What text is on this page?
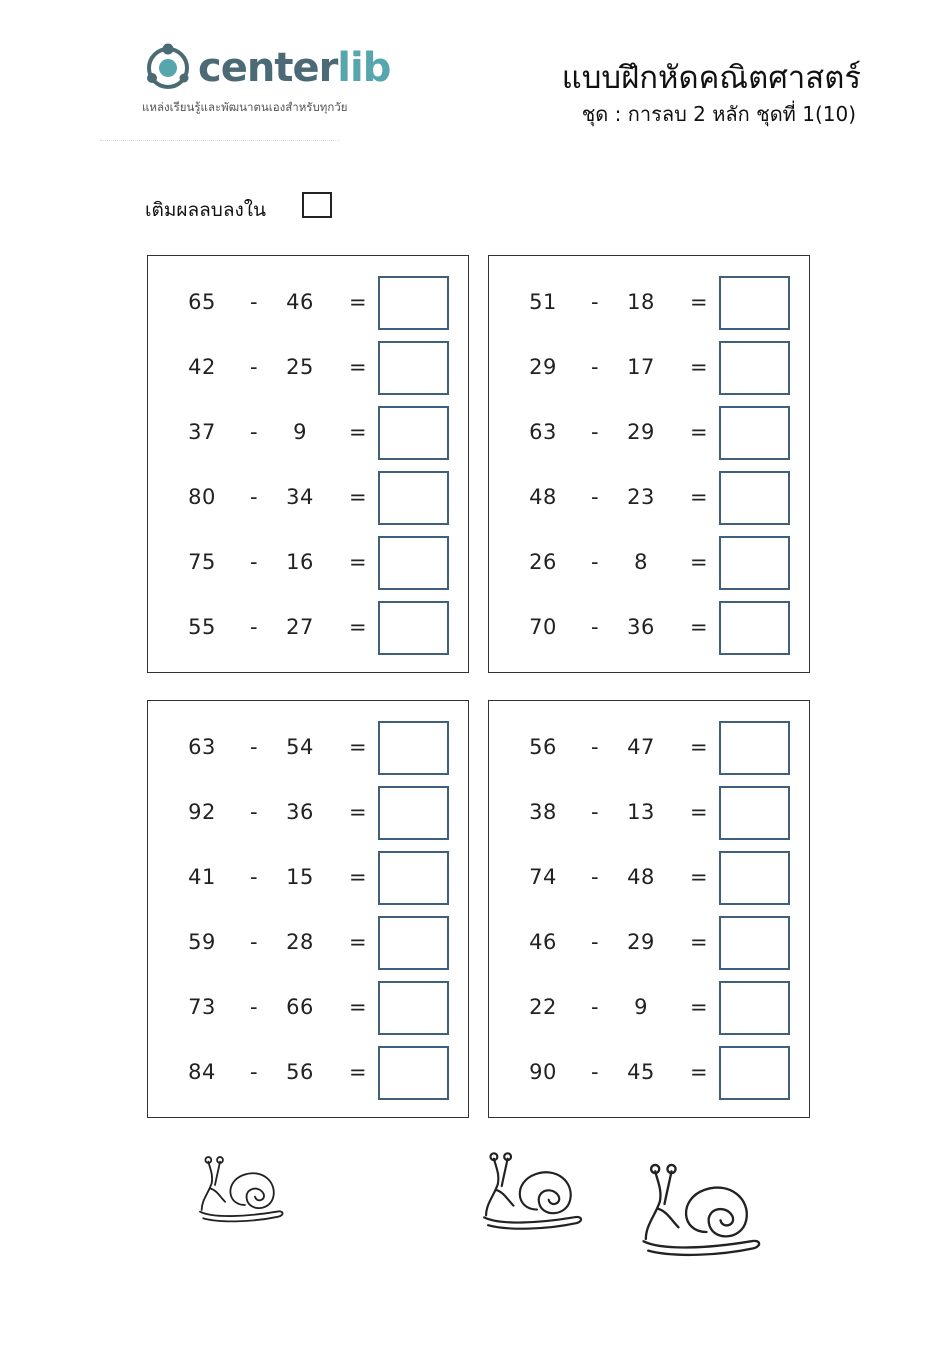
centerlib
แหล่งเรียนรู้และพัฒนาตนเองสำหรับทุกวัย
แบบฝึกหัดคณิตศาสตร์
ชุด : การลบ 2 หลัก ชุดที่ 1(10)
เติมผลลบลงใน
65	-	46	=
42	-	25	=
37	-	9	=
80	-	34	=
75	-	16	=
55	-	27	=
51	-	18	=
29	-	17	=
63	-	29	=
48	-	23	=
26	-	8	=
70	-	36	=
63	-	54	=
92	-	36	=
41	-	15	=
59	-	28	=
73	-	66	=
84	-	56	=
56	-	47	=
38	-	13	=
74	-	48	=
46	-	29	=
22	-	9	=
90	-	45	=
